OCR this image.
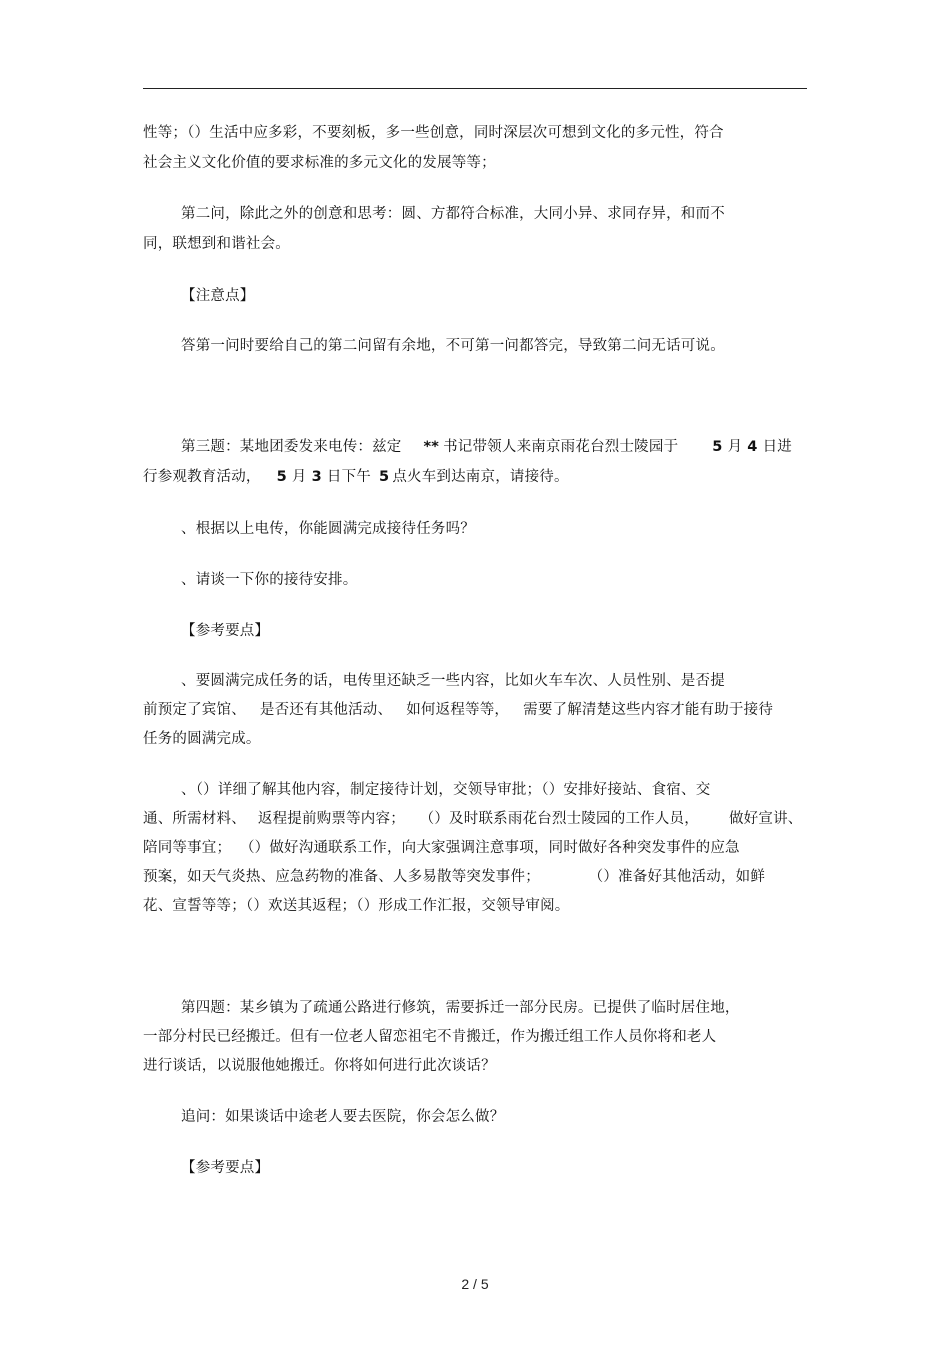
性等；（）生活中应多彩，不要刻板，多一些创意，同时深层次可想到文化的多元性，符合
社会主义文化价值的要求标准的多元文化的发展等等；
第二问，除此之外的创意和思考：圆、方都符合标准，大同小异、求同存异，和而不
同，联想到和谐社会。
【注意点】
答第一问时要给自己的第二问留有余地，不可第一问都答完，导致第二问无话可说。
第三题：某地团委发来电传：兹定 ** 书记带领人来南京雨花台烈士陵园于 5 月 4 日进
行参观教育活动， 5 月 3 日下午 5 点火车到达南京，请接待。
、根据以上电传，你能圆满完成接待任务吗？
、请谈一下你的接待安排。
【参考要点】
、要圆满完成任务的话，电传里还缺乏一些内容，比如火车车次、人员性别、是否提
前预定了宾馆、 是否还有其他活动、 如何返程等等， 需要了解清楚这些内容才能有助于接待
任务的圆满完成。
、（）详细了解其他内容，制定接待计划，交领导审批；（）安排好接站、食宿、交
通、所需材料、 返程提前购票等内容； （）及时联系雨花台烈士陵园的工作人员， 做好宣讲、
陪同等事宜； （）做好沟通联系工作，向大家强调注意事项，同时做好各种突发事件的应急
预案，如天气炎热、应急药物的准备、人多易散等突发事件；	（）准备好其他活动，如鲜
花、宣誓等等；（）欢送其返程；（）形成工作汇报，交领导审阅。
第四题：某乡镇为了疏通公路进行修筑，需要拆迁一部分民房。已提供了临时居住地，
一部分村民已经搬迁。但有一位老人留恋祖宅不肯搬迁，作为搬迁组工作人员你将和老人
进行谈话，以说服他她搬迁。你将如何进行此次谈话？
追问：如果谈话中途老人要去医院，你会怎么做？
【参考要点】
2 / 5
